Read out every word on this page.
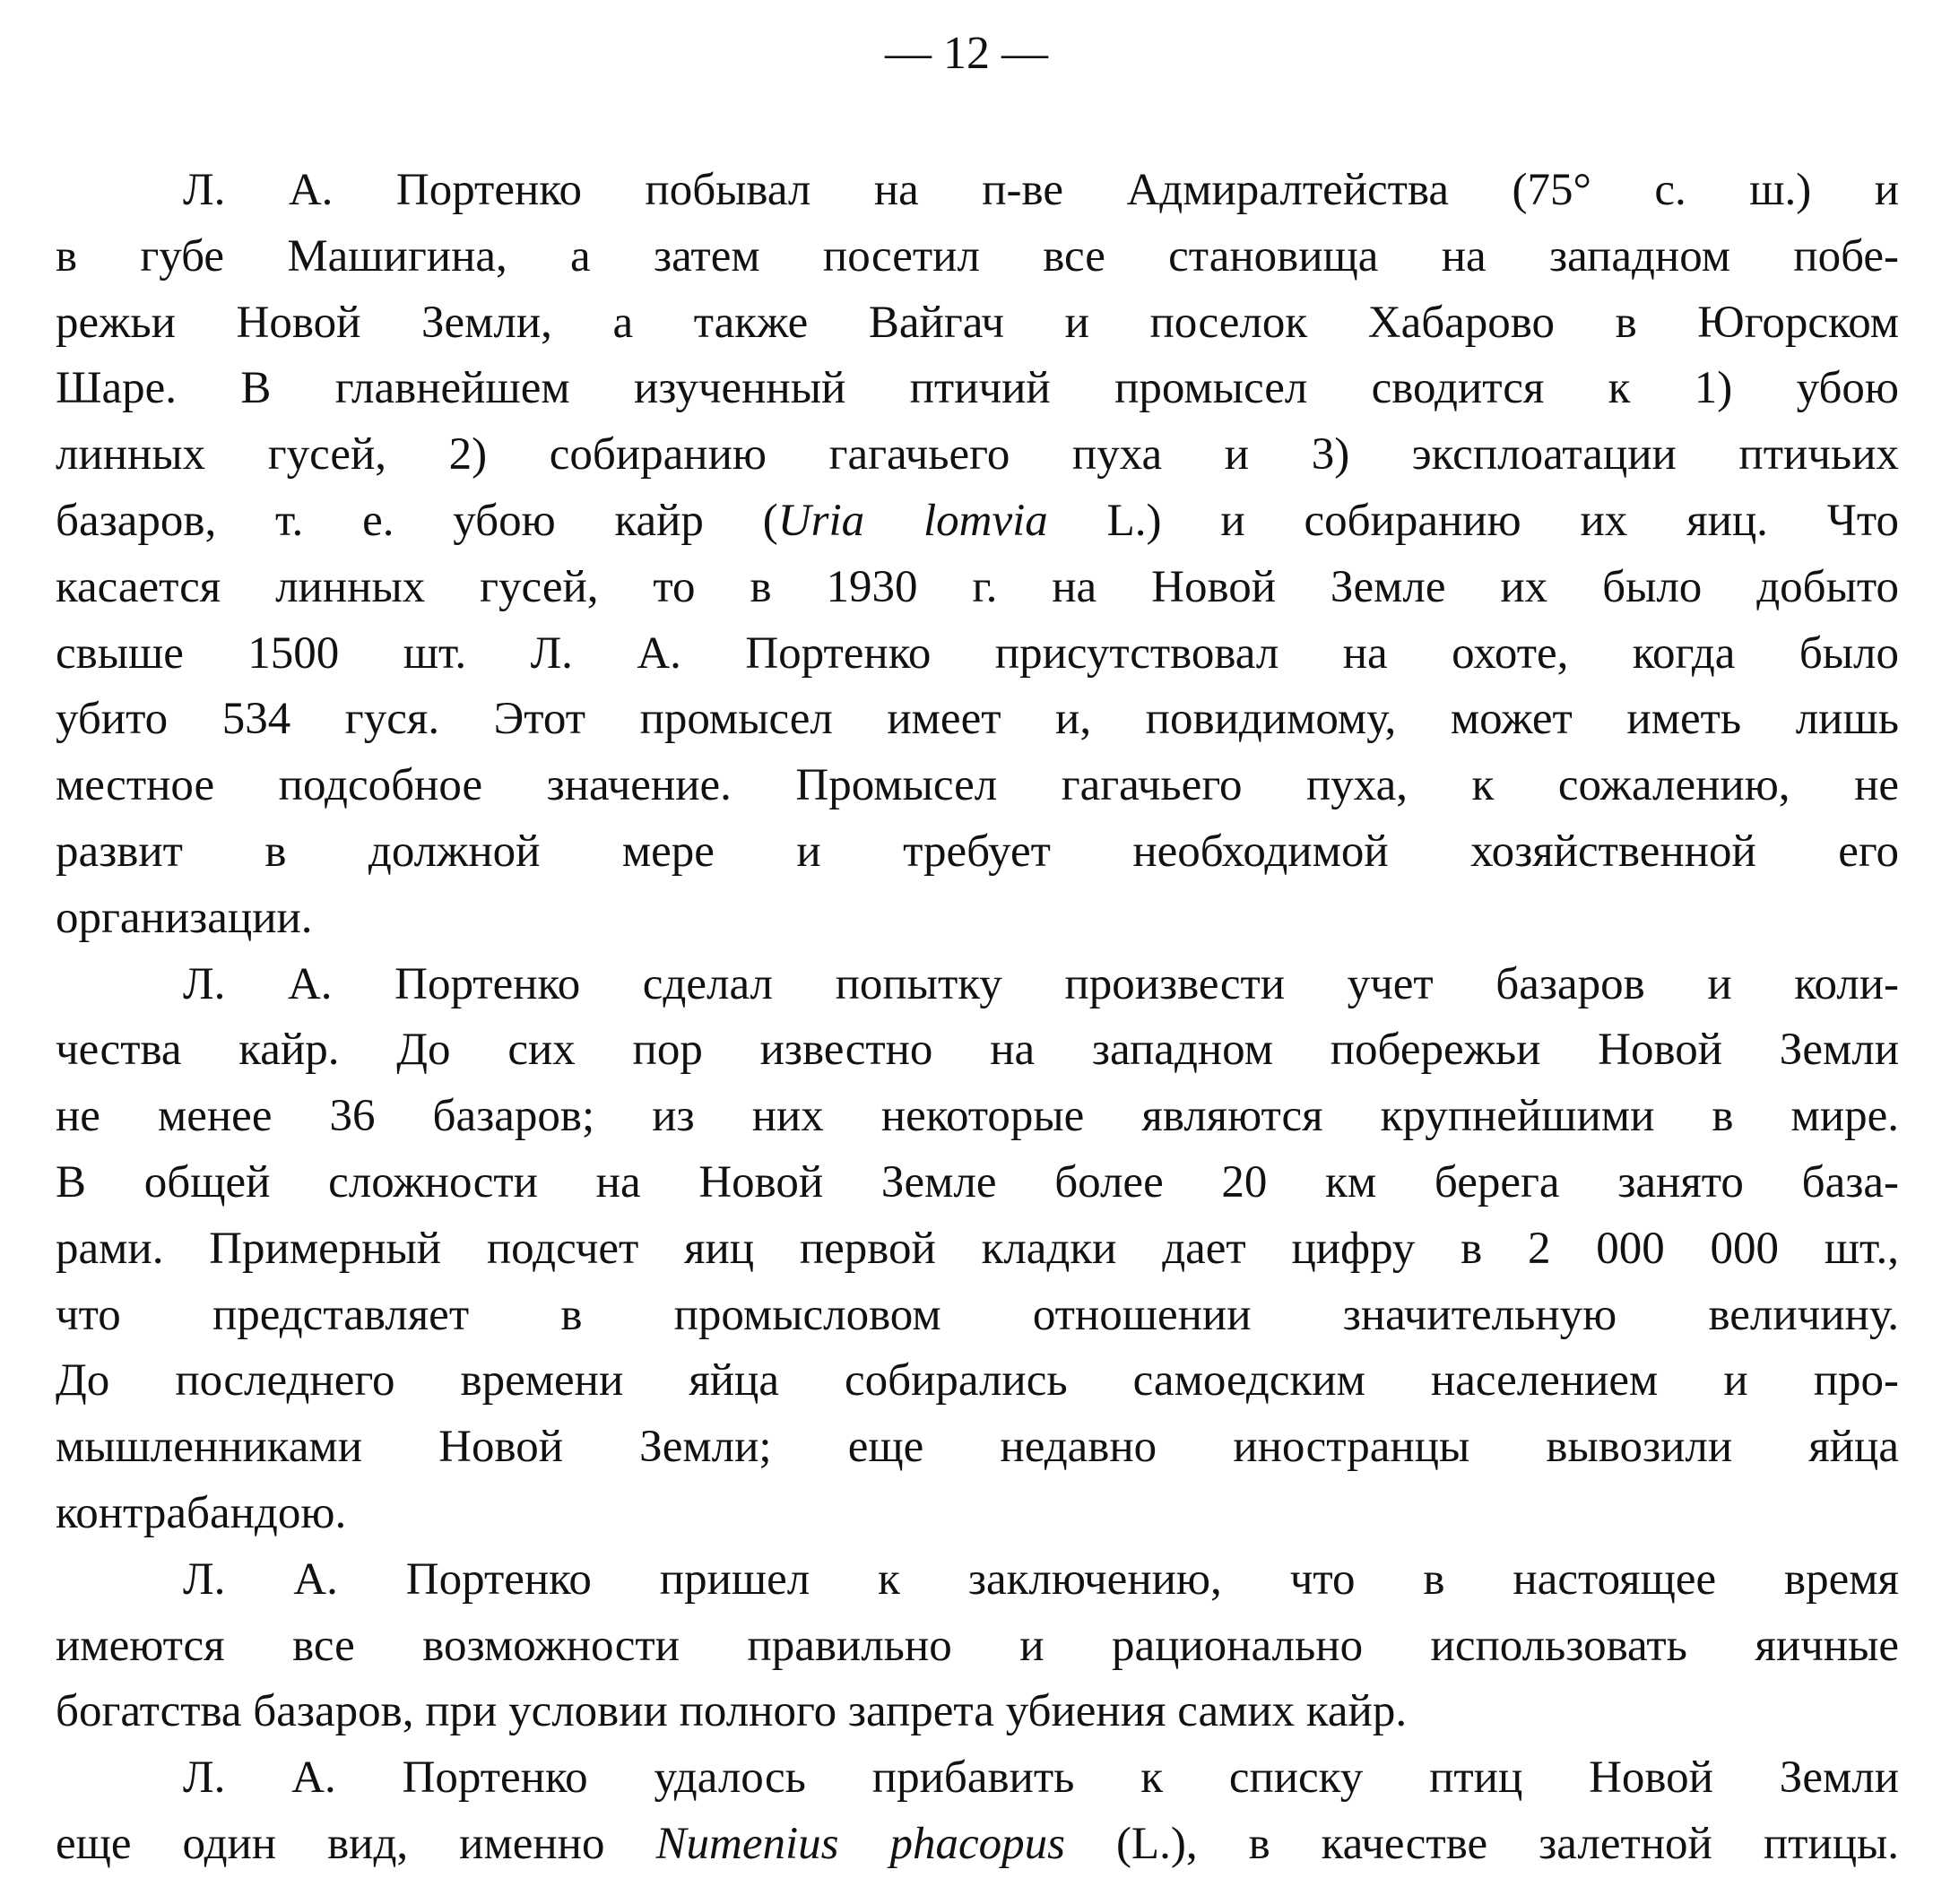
— 12 —
Л. А. Портенко побывал на п-ве Адмиралтейства (75° с. ш.) и
в губе Машигина, а затем посетил все становища на западном побе-
режьи Новой Земли, а также Вайгач и поселок Хабарово в Югорском
Шаре. В главнейшем изученный птичий промысел сводится к 1) убою
линных гусей, 2) собиранию гагачьего пуха и 3) эксплоатации птичьих
базаров, т. е. убою кайр (Uria lomvia L.) и собиранию их яиц. Что
касается линных гусей, то в 1930 г. на Новой Земле их было добыто
свыше 1500 шт. Л. А. Портенко присутствовал на охоте, когда было
убито 534 гуся. Этот промысел имеет и, повидимому, может иметь лишь
местное подсобное значение. Промысел гагачьего пуха, к сожалению, не
развит в должной мере и требует необходимой хозяйственной его
организации.
Л. А. Портенко сделал попытку произвести учет базаров и коли-
чества кайр. До сих пор известно на западном побережьи Новой Земли
не менее 36 базаров; из них некоторые являются крупнейшими в мире.
В общей сложности на Новой Земле более 20 км берега занято база-
рами. Примерный подсчет яиц первой кладки дает цифру в 2 000 000 шт.,
что представляет в промысловом отношении значительную величину.
До последнего времени яйца собирались самоедским населением и про-
мышленниками Новой Земли; еще недавно иностранцы вывозили яйца
контрабандою.
Л. А. Портенко пришел к заключению, что в настоящее время
имеются все возможности правильно и рационально использовать яичные
богатства базаров, при условии полного запрета убиения самих кайр.
Л. А. Портенко удалось прибавить к списку птиц Новой Земли
еще один вид, именно Numenius phacopus (L.), в качестве залетной птицы.
